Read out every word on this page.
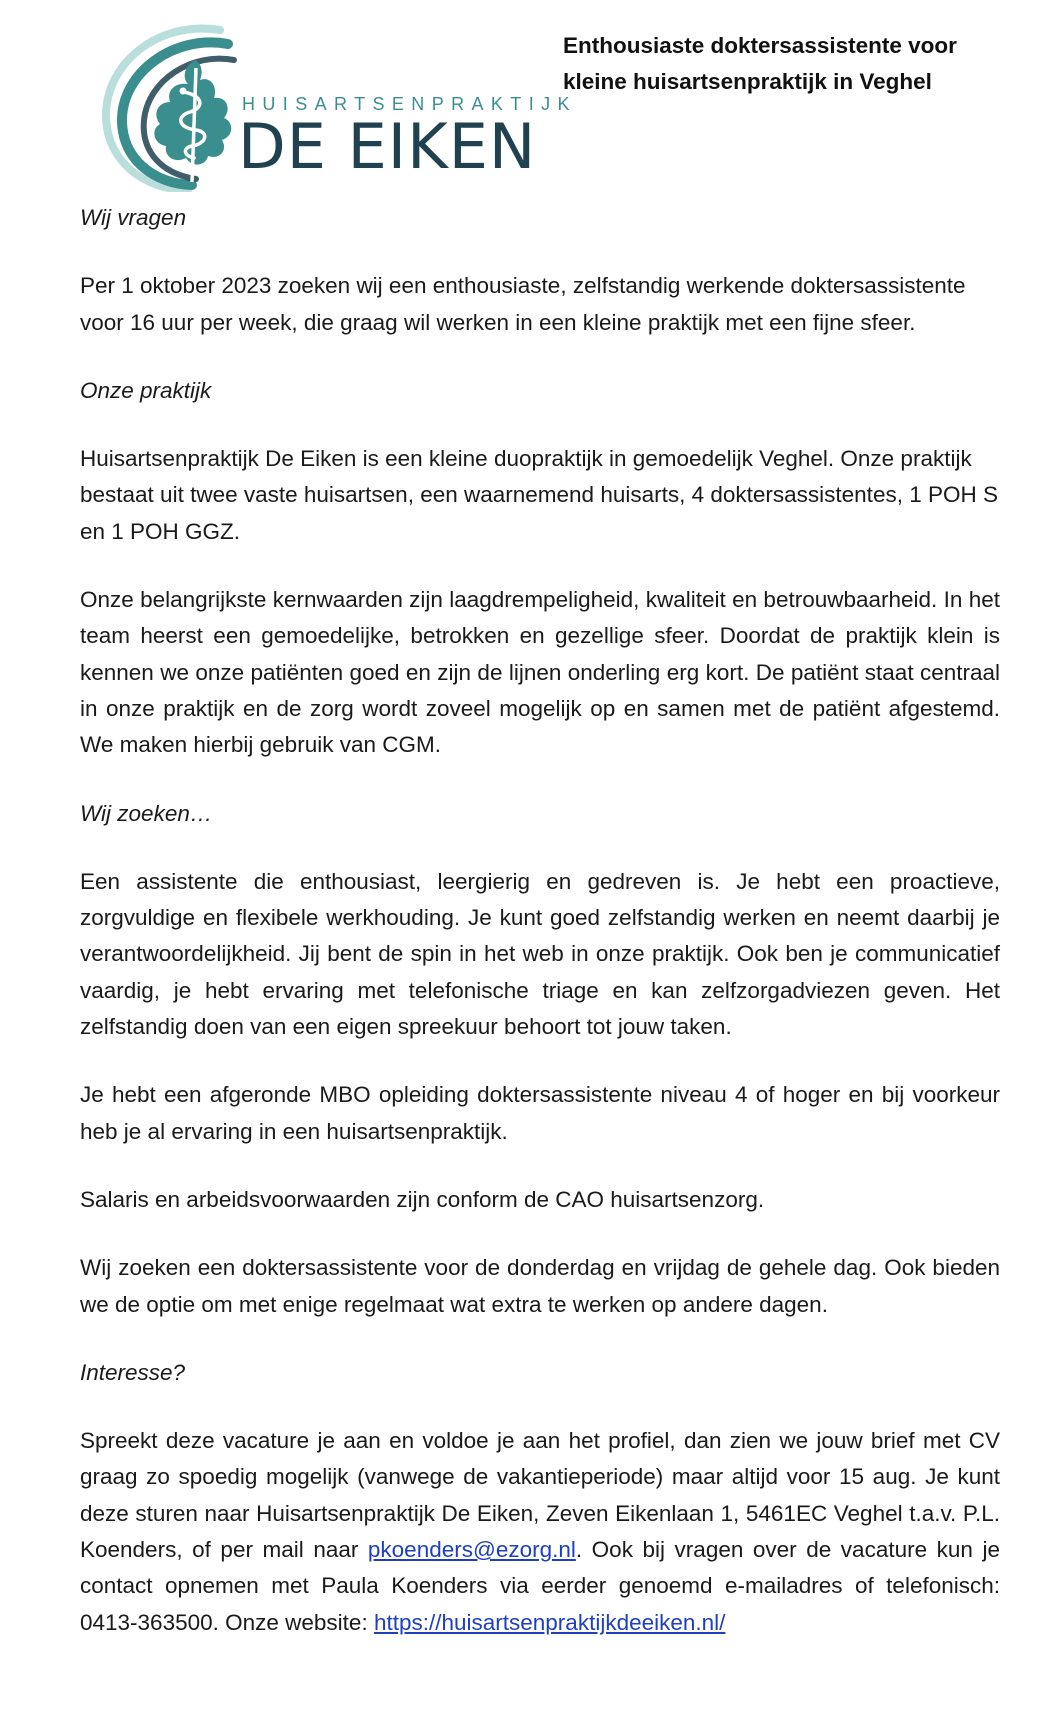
HUISARTSENPRAKTIJK
DE EIKEN
Enthousiaste doktersassistente voor kleine huisartsenpraktijk in Veghel

Wij vragen

Per 1 oktober 2023 zoeken wij een enthousiaste, zelfstandig werkende doktersassistente voor 16 uur per week, die graag wil werken in een kleine praktijk met een fijne sfeer.

Onze praktijk

Huisartsenpraktijk De Eiken is een kleine duopraktijk in gemoedelijk Veghel. Onze praktijk bestaat uit twee vaste huisartsen, een waarnemend huisarts, 4 doktersassistentes, 1 POH S en 1 POH GGZ.

Onze belangrijkste kernwaarden zijn laagdrempeligheid, kwaliteit en betrouwbaarheid. In het team heerst een gemoedelijke, betrokken en gezellige sfeer. Doordat de praktijk klein is kennen we onze patiënten goed en zijn de lijnen onderling erg kort. De patiënt staat centraal in onze praktijk en de zorg wordt zoveel mogelijk op en samen met de patiënt afgestemd. We maken hierbij gebruik van CGM.

Wij zoeken…

Een assistente die enthousiast, leergierig en gedreven is. Je hebt een proactieve, zorgvuldige en flexibele werkhouding. Je kunt goed zelfstandig werken en neemt daarbij je verantwoordelijkheid. Jij bent de spin in het web in onze praktijk. Ook ben je communicatief vaardig, je hebt ervaring met telefonische triage en kan zelfzorgadviezen geven. Het zelfstandig doen van een eigen spreekuur behoort tot jouw taken.

Je hebt een afgeronde MBO opleiding doktersassistente niveau 4 of hoger en bij voorkeur heb je al ervaring in een huisartsenpraktijk.

Salaris en arbeidsvoorwaarden zijn conform de CAO huisartsenzorg.

Wij zoeken een doktersassistente voor de donderdag en vrijdag de gehele dag. Ook bieden we de optie om met enige regelmaat wat extra te werken op andere dagen.

Interesse?

Spreekt deze vacature je aan en voldoe je aan het profiel, dan zien we jouw brief met CV graag zo spoedig mogelijk (vanwege de vakantieperiode) maar altijd voor 15 aug. Je kunt deze sturen naar Huisartsenpraktijk De Eiken, Zeven Eikenlaan 1, 5461EC Veghel t.a.v. P.L. Koenders, of per mail naar pkoenders@ezorg.nl. Ook bij vragen over de vacature kun je contact opnemen met Paula Koenders via eerder genoemd e-mailadres of telefonisch: 0413-363500. Onze website: https://huisartsenpraktijkdeeiken.nl/
